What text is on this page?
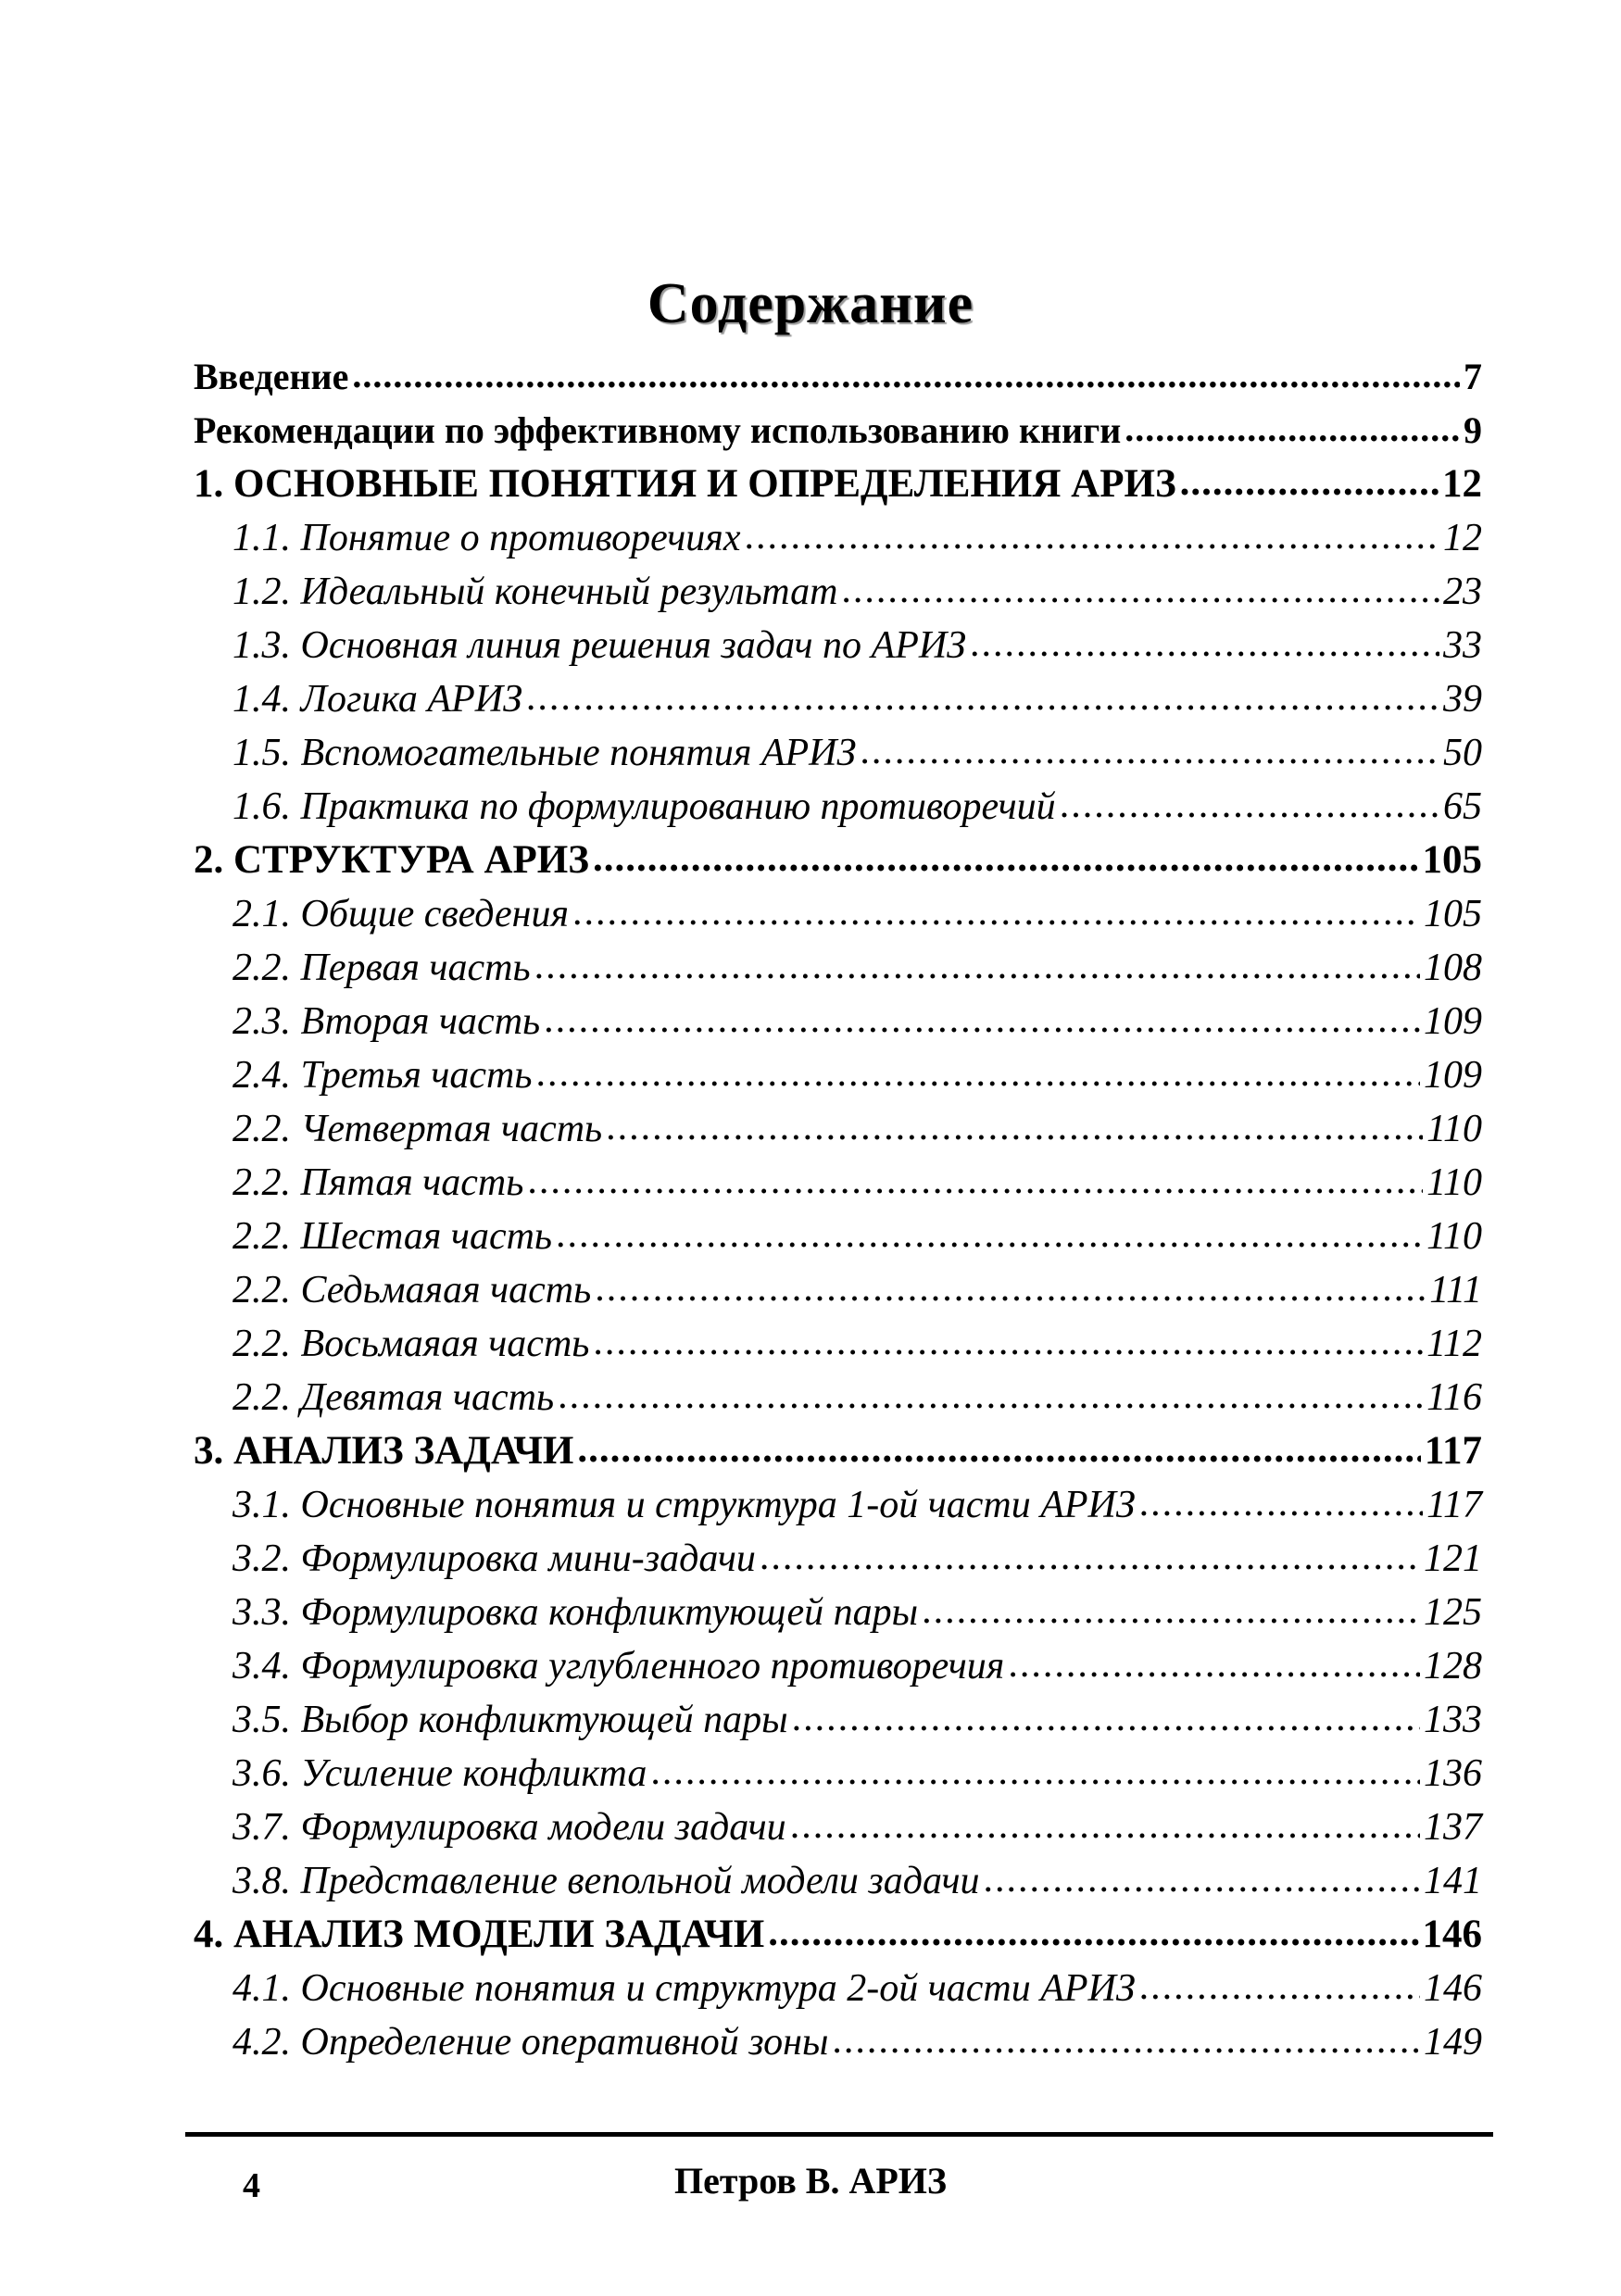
Содержание
Введение .....	7
Рекомендации по эффективному использованию книги .....	9
1. ОСНОВНЫЕ ПОНЯТИЯ И ОПРЕДЕЛЕНИЯ АРИЗ .....	12
1.1. Понятие о противоречиях .....	12
1.2. Идеальный конечный результат .....	23
1.3. Основная линия решения задач по АРИЗ .....	33
1.4. Логика АРИЗ .....	39
1.5. Вспомогательные понятия АРИЗ .....	50
1.6. Практика по формулированию противоречий .....	65
2. СТРУКТУРА АРИЗ .....	105
2.1. Общие сведения .....	105
2.2. Первая часть .....	108
2.3. Вторая часть .....	109
2.4. Третья часть .....	109
2.2. Четвертая часть .....	110
2.2. Пятая часть .....	110
2.2. Шестая часть .....	110
2.2. Седьмаяая часть .....	111
2.2. Восьмаяая часть .....	112
2.2. Девятая часть .....	116
3. АНАЛИЗ ЗАДАЧИ .....	117
3.1. Основные понятия и структура 1-ой части АРИЗ .....	117
3.2. Формулировка мини-задачи .....	121
3.3. Формулировка конфликтующей пары .....	125
3.4. Формулировка углубленного противоречия .....	128
3.5. Выбор конфликтующей пары .....	133
3.6. Усиление конфликта .....	136
3.7. Формулировка модели задачи .....	137
3.8. Представление вепольной модели задачи .....	141
4. АНАЛИЗ МОДЕЛИ ЗАДАЧИ .....	146
4.1. Основные понятия и структура 2-ой части АРИЗ .....	146
4.2. Определение оперативной зоны .....	149
4	Петров В. АРИЗ
